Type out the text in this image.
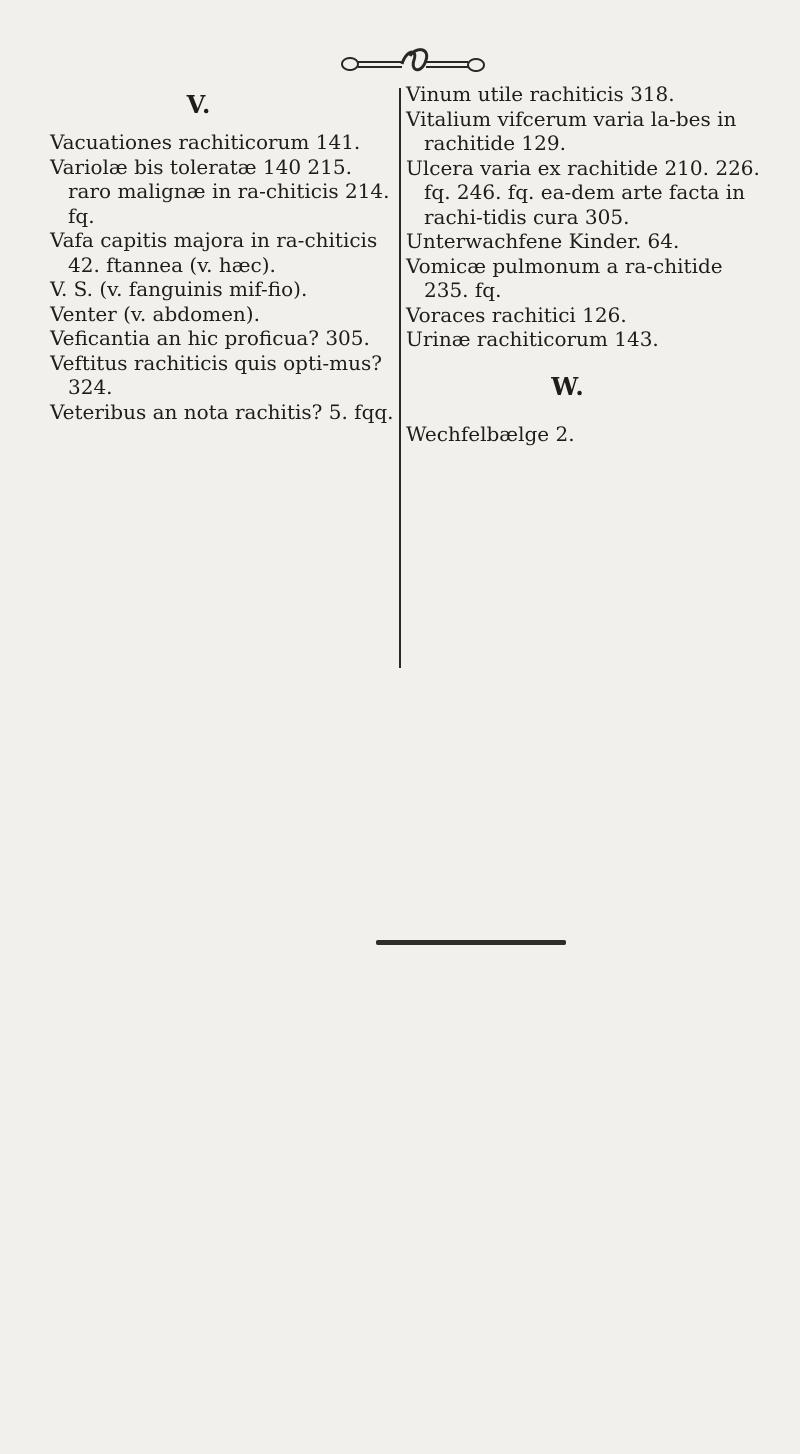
V.

Vacuationes rachiticorum 141.

Variolæ bis toleratæ 140 215. raro malignæ in ra-chiticis 214. fq.

Vafa capitis majora in ra-chiticis 42. ftannea (v. hæc).

V. S. (v. fanguinis mif-fio).

Venter (v. abdomen).

Veficantia an hic proficua? 305.

Veftitus rachiticis quis opti-mus? 324.

Veteribus an nota rachitis? 5. fqq.

Vinum utile rachiticis 318.

Vitalium vifcerum varia la-bes in rachitide 129.

Ulcera varia ex rachitide 210. 226. fq. 246. fq. ea-dem arte facta in rachi-tidis cura 305.

Unterwachfene Kinder. 64.

Vomicæ pulmonum a ra-chitide 235. fq.

Voraces rachitici 126.

Urinæ rachiticorum 143.

W.

Wechfelbælge 2.
